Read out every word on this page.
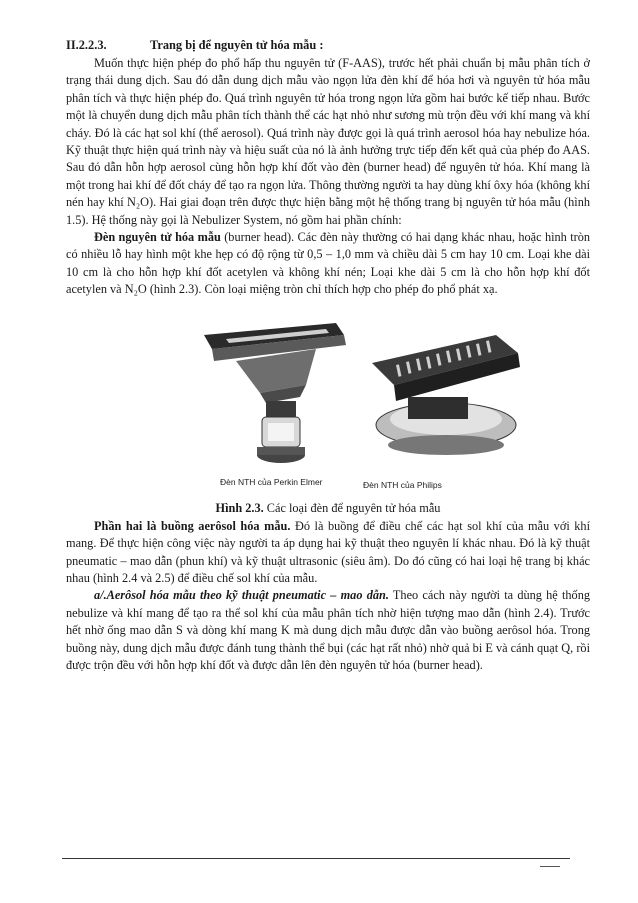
II.2.2.3.	Trang bị để nguyên tử hóa mẫu :

Muốn thực hiện phép đo phổ hấp thu nguyên tử (F-AAS), trước hết phải chuẩn bị mẫu phân tích ở trạng thái dung dịch. Sau đó dẫn dung dịch mẫu vào ngọn lửa đèn khí để hóa hơi và nguyên tử hóa mẫu phân tích và thực hiện phép đo. Quá trình nguyên tử hóa trong ngọn lửa gồm hai bước kế tiếp nhau. Bước một là chuyển dung dịch mẫu phân tích thành thể các hạt nhỏ như sương mù trộn đều với khí mang và khí cháy. Đó là các hạt sol khí (thể aerosol). Quá trình này được gọi là quá trình aerosol hóa hay nebulize hóa. Kỹ thuật thực hiện quá trình này và hiệu suất của nó là ảnh hưởng trực tiếp đến kết quả của phép đo AAS. Sau đó dẫn hỗn hợp aerosol cùng hỗn hợp khí đốt vào đèn (burner head) để nguyên tử hóa. Khí mang là một trong hai khí để đốt cháy để tạo ra ngọn lửa. Thông thường người ta hay dùng khí ôxy hóa (không khí nén hay khí N₂O). Hai giai đoạn trên được thực hiện bằng một hệ thống trang bị nguyên tử hóa mẫu (hình 1.5). Hệ thống này gọi là Nebulizer System, nó gồm hai phần chính:

Đèn nguyên tử hóa mẫu (burner head). Các đèn này thường có hai dạng khác nhau, hoặc hình tròn có nhiều lỗ hay hình một khe hẹp có độ rộng từ 0,5 – 1,0 mm và chiều dài 5 cm hay 10 cm. Loại khe dài 10 cm là cho hỗn hợp khí đốt acetylen và không khí nén; Loại khe dài 5 cm là cho hỗn hợp khí đốt acetylen và N₂O (hình 2.3). Còn loại miệng tròn chỉ thích hợp cho phép đo phổ phát xạ.

Đèn NTH của Perkin Elmer	Đèn NTH của Philips
Hình 2.3. Các loại đèn để nguyên tử hóa mẫu

Phần hai là buồng aerôsol hóa mẫu. Đó là buồng để điều chế các hạt sol khí của mẫu với khí mang. Để thực hiện công việc này người ta áp dụng hai kỹ thuật theo nguyên lí khác nhau. Đó là kỹ thuật pneumatic – mao dẫn (phun khí) và kỹ thuật ultrasonic (siêu âm). Do đó cũng có hai loại hệ trang bị khác nhau (hình 2.4 và 2.5) để điều chế sol khí của mẫu.

a/.Aerôsol hóa mẫu theo kỹ thuật pneumatic – mao dẫn. Theo cách này người ta dùng hệ thống nebulize và khí mang để tạo ra thể sol khí của mẫu phân tích nhờ hiện tượng mao dẫn (hình 2.4). Trước hết nhờ ống mao dẫn S và dòng khí mang K mà dung dịch mẫu được dẫn vào buồng aerôsol hóa. Trong buồng này, dung dịch mẫu được đánh tung thành thể bụi (các hạt rất nhỏ) nhờ quả bi E và cánh quạt Q, rồi được trộn đều với hỗn hợp khí đốt và được dẫn lên đèn nguyên tử hóa (burner head).
